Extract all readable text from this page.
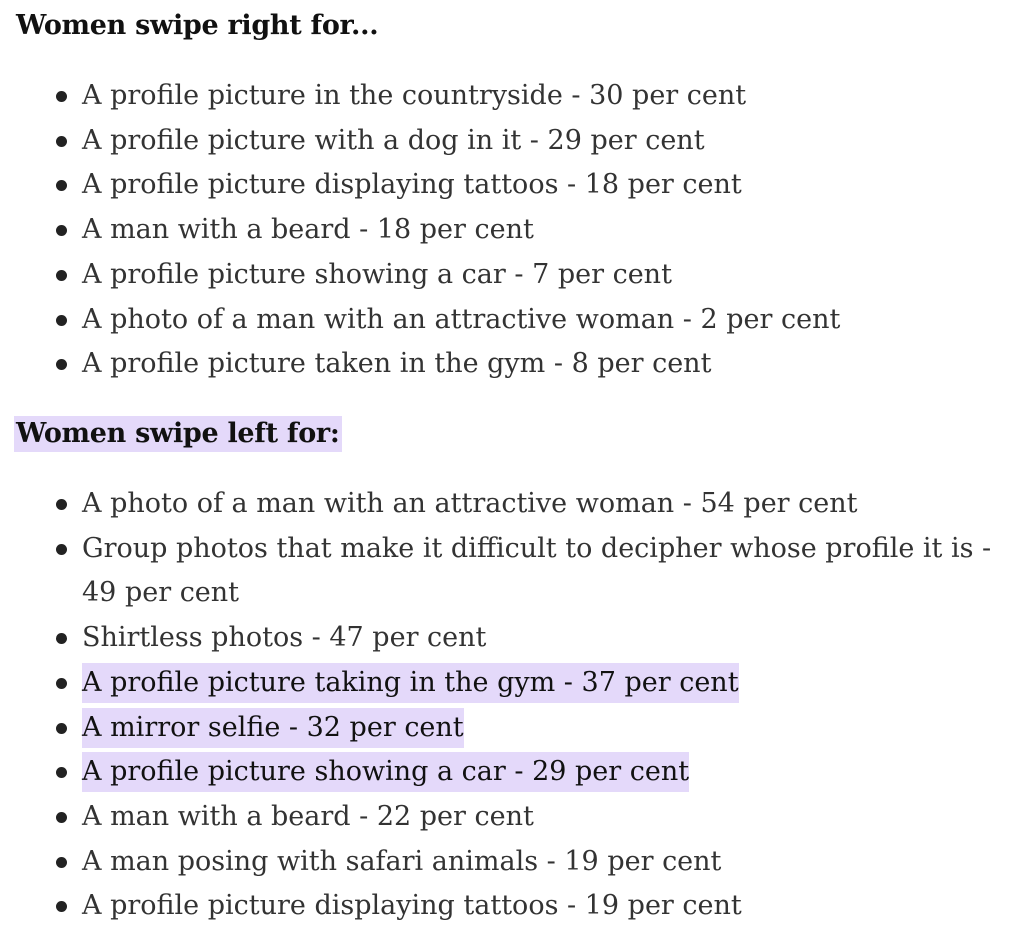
Women swipe right for...
A profile picture in the countryside - 30 per cent
A profile picture with a dog in it - 29 per cent
A profile picture displaying tattoos - 18 per cent
A man with a beard - 18 per cent
A profile picture showing a car - 7 per cent
A photo of a man with an attractive woman - 2 per cent
A profile picture taken in the gym - 8 per cent
Women swipe left for:
A photo of a man with an attractive woman - 54 per cent
Group photos that make it difficult to decipher whose profile it is - 49 per cent
Shirtless photos - 47 per cent
A profile picture taking in the gym - 37 per cent
A mirror selfie - 32 per cent
A profile picture showing a car - 29 per cent
A man with a beard - 22 per cent
A man posing with safari animals - 19 per cent
A profile picture displaying tattoos - 19 per cent
